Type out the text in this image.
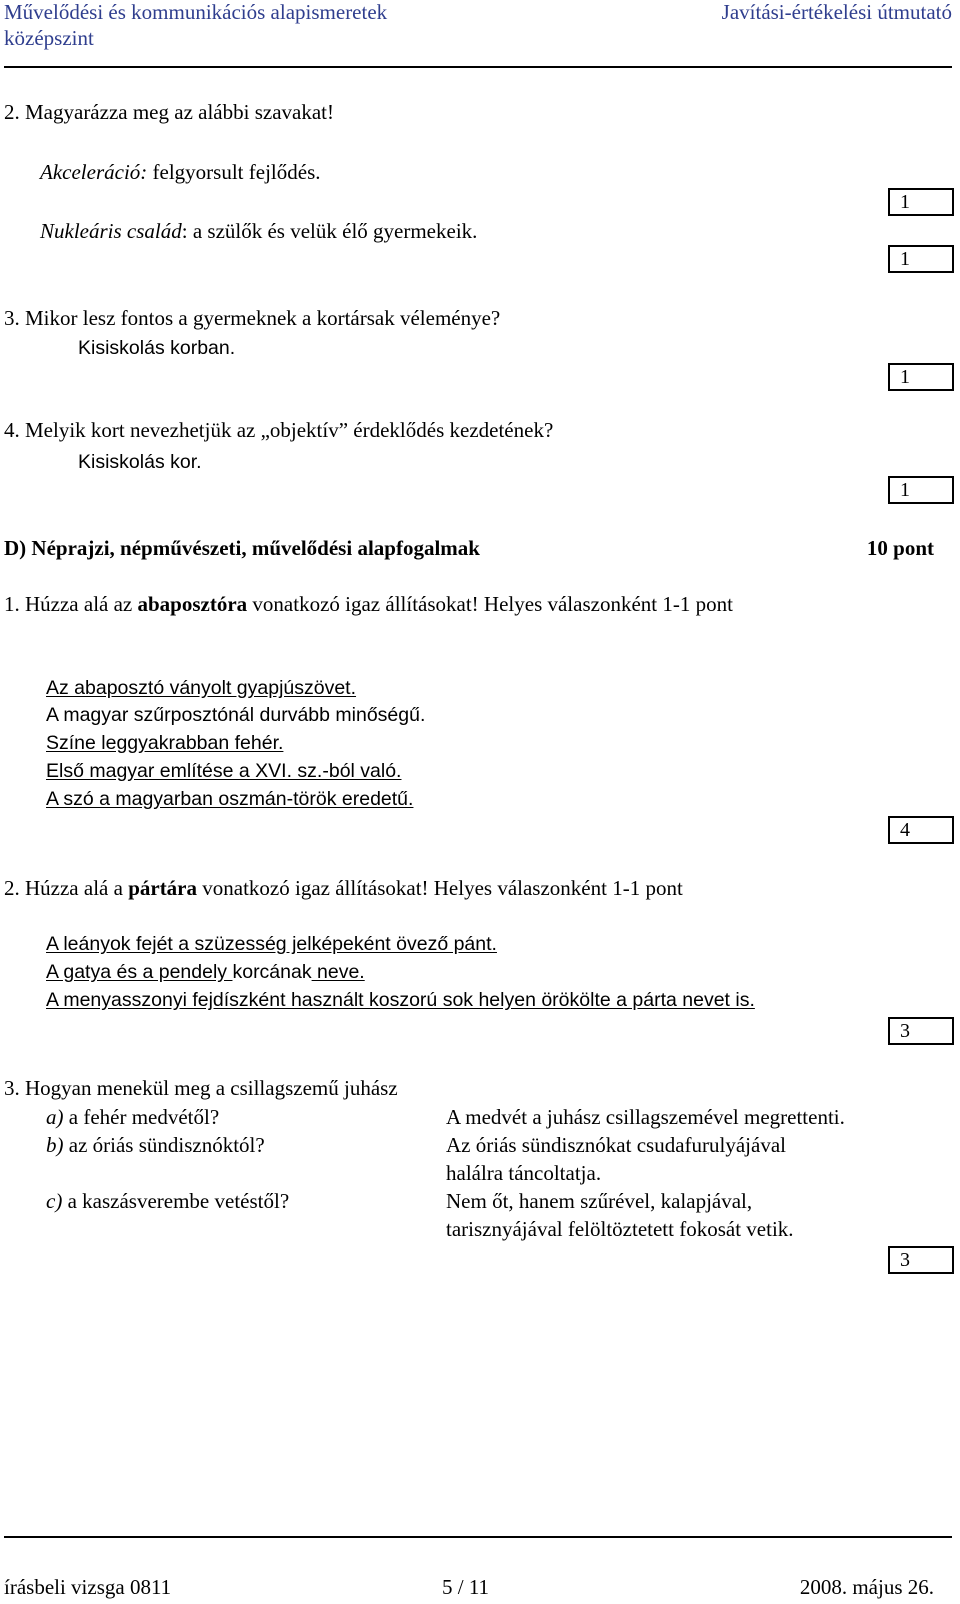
Művelődési és kommunikációs alapismeretek
középszint
Javítási-értékelési útmutató
2. Magyarázza meg az alábbi szavakat!
Akceleráció: felgyorsult fejlődés.
Nukleáris család: a szülők és velük élő gyermekeik.
1
1
3. Mikor lesz fontos a gyermeknek a kortársak véleménye?
Kisiskolás korban.
1
4. Melyik kort nevezhetjük az „objektív” érdeklődés kezdetének?
Kisiskolás kor.
1
D) Néprajzi, népművészeti, művelődési alapfogalmak	10 pont
1. Húzza alá az abaposztóra vonatkozó igaz állításokat! Helyes válaszonként 1-1 pont
Az abaposztó ványolt gyapjúszövet.
A magyar szűrposztónál durvább minőségű.
Színe leggyakrabban fehér.
Első magyar említése a XVI. sz.-ból való.
A szó a magyarban oszmán-török eredetű.
4
2. Húzza alá a pártára vonatkozó igaz állításokat! Helyes válaszonként 1-1 pont
A leányok fejét a szüzesség jelképeként övező pánt.
A gatya és a pendely korcának neve.
A menyasszonyi fejdíszként használt koszorú sok helyen örökölte a párta nevet is.
3
3. Hogyan menekül meg a csillagszemű juhász
a) a fehér medvétől?	A medvét a juhász csillagszemével megrettenti.
b) az óriás sündisznóktól?	Az óriás sündisznókat csudafurulyájával
halálra táncoltatja.
c) a kaszásverembe vetéstől?	Nem őt, hanem szűrével, kalapjával,
tarisznyájával felöltöztetett fokosát vetik.
3
írásbeli vizsga 0811	5 / 11	2008. május 26.
